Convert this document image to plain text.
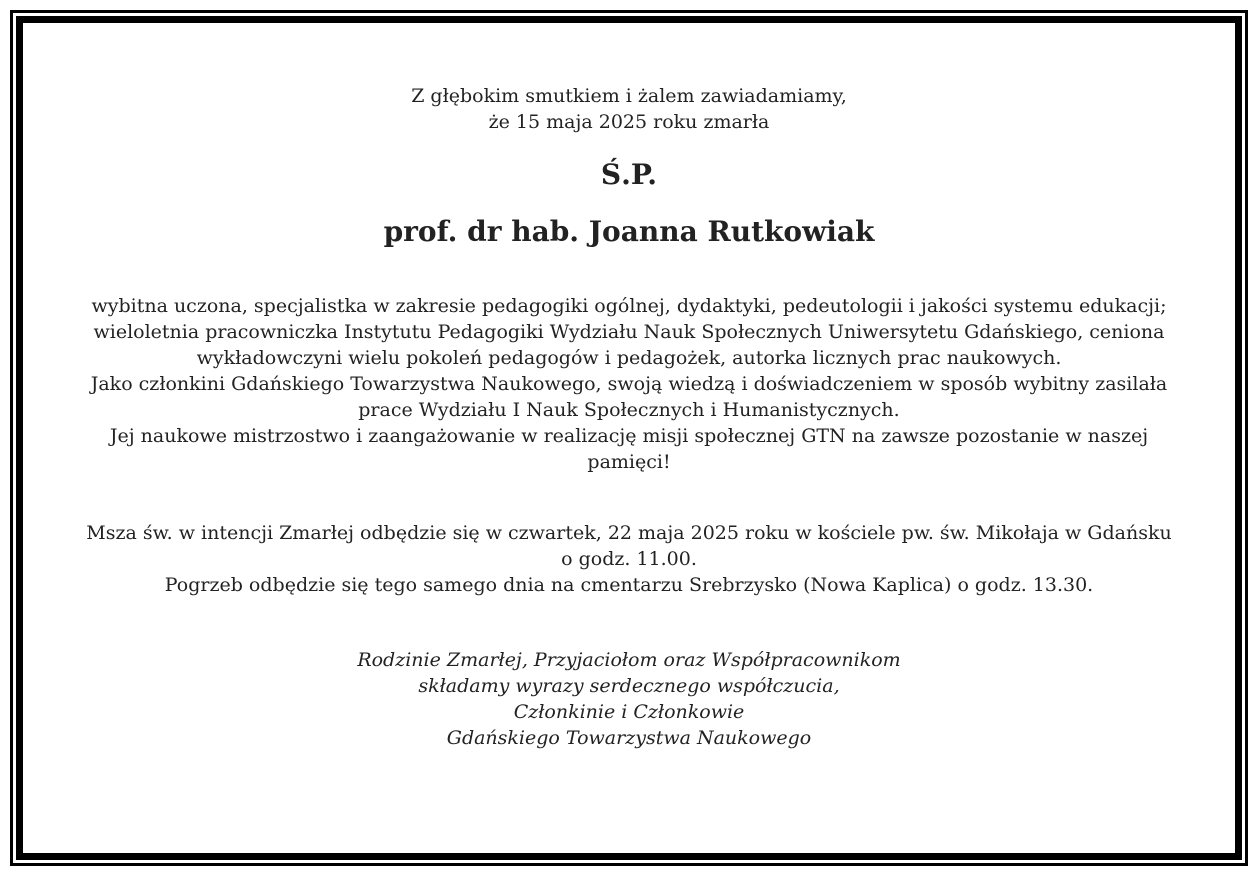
Z głębokim smutkiem i żalem zawiadamiamy,
że 15 maja 2025 roku zmarła

Ś.P.

prof. dr hab. Joanna Rutkowiak

wybitna uczona, specjalistka w zakresie pedagogiki ogólnej, dydaktyki, pedeutologii i jakości systemu edukacji;
wieloletnia pracowniczka Instytutu Pedagogiki Wydziału Nauk Społecznych Uniwersytetu Gdańskiego, ceniona
wykładowczyni wielu pokoleń pedagogów i pedagożek, autorka licznych prac naukowych.
Jako członkini Gdańskiego Towarzystwa Naukowego, swoją wiedzą i doświadczeniem w sposób wybitny zasilała
prace Wydziału I Nauk Społecznych i Humanistycznych.
Jej naukowe mistrzostwo i zaangażowanie w realizację misji społecznej GTN na zawsze pozostanie w naszej
pamięci!

Msza św. w intencji Zmarłej odbędzie się w czwartek, 22 maja 2025 roku w kościele pw. św. Mikołaja w Gdańsku
o godz. 11.00.
Pogrzeb odbędzie się tego samego dnia na cmentarzu Srebrzysko (Nowa Kaplica) o godz. 13.30.

Rodzinie Zmarłej, Przyjaciołom oraz Współpracownikom
składamy wyrazy serdecznego współczucia,
Członkinie i Członkowie
Gdańskiego Towarzystwa Naukowego
